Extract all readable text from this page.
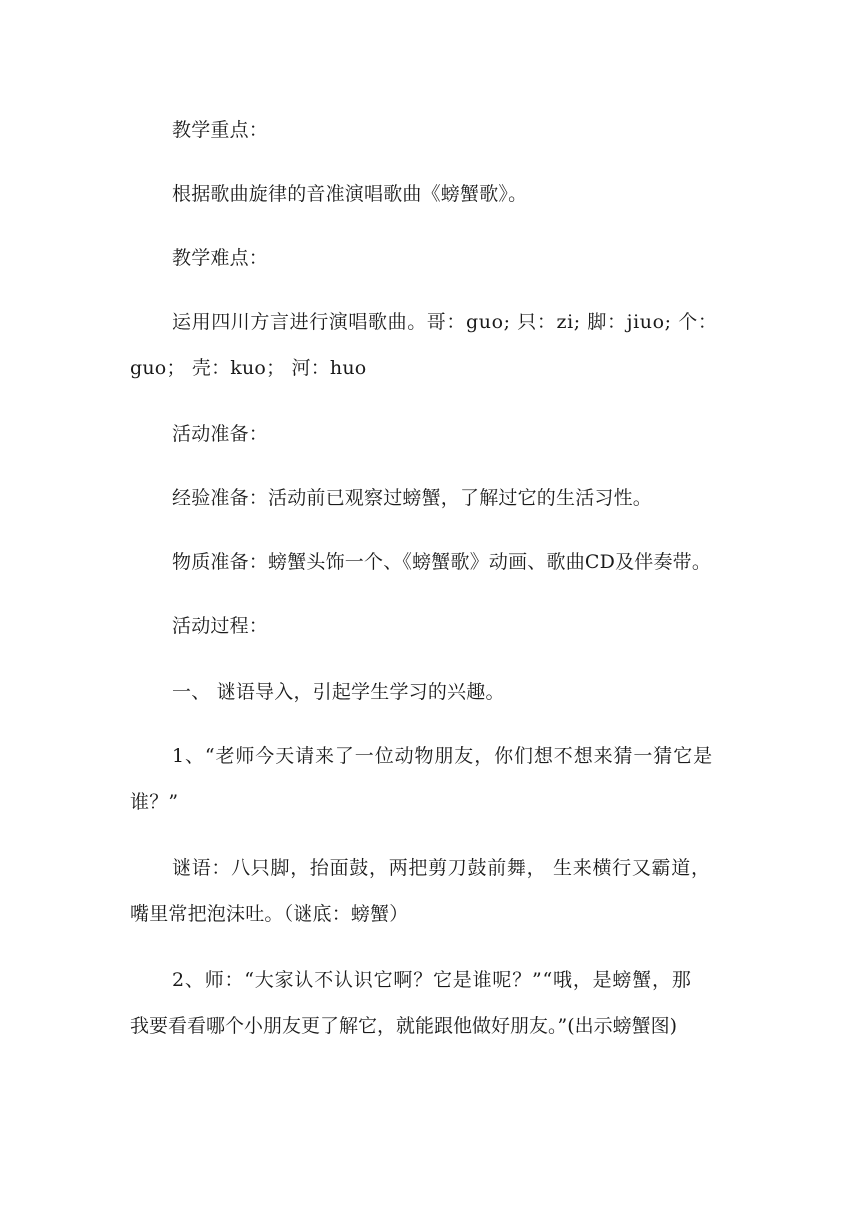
教学重点：
根据歌曲旋律的音准演唱歌曲《螃蟹歌》。
教学难点：
运用四川方言进行演唱歌曲。哥：guo; 只：zi; 脚：jiuo; 个：
guo； 壳：kuo； 河：huo
活动准备：
经验准备：活动前已观察过螃蟹，了解过它的生活习性。
物质准备：螃蟹头饰一个、《螃蟹歌》动画、歌曲CD及伴奏带。
活动过程：
一、 谜语导入，引起学生学习的兴趣。
1、“老师今天请来了一位动物朋友，你们想不想来猜一猜它是
谁？”
谜语：八只脚，抬面鼓，两把剪刀鼓前舞， 生来横行又霸道，
嘴里常把泡沫吐。（谜底：螃蟹）
2、师：“大家认不认识它啊？它是谁呢？”“哦，是螃蟹，那
我要看看哪个小朋友更了解它，就能跟他做好朋友。”(出示螃蟹图)
